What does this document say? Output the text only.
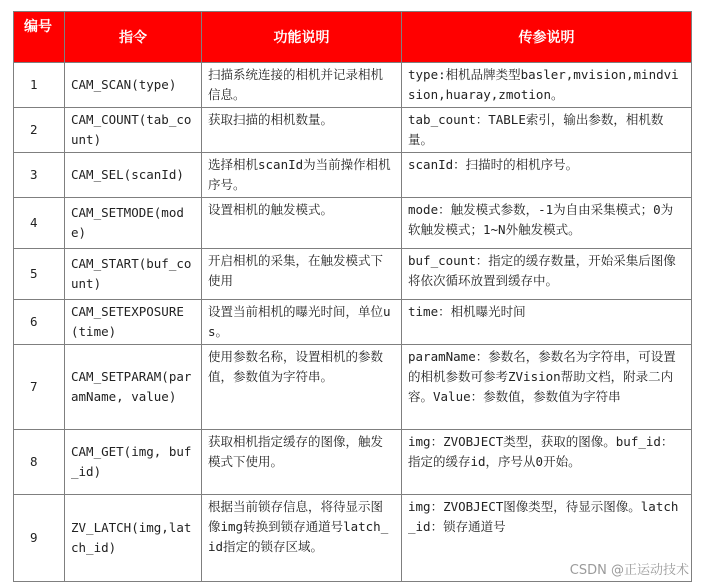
编号	指令	功能说明	传参说明
1	CAM_SCAN(type)	扫描系统连接的相机并记录相机信息。	type:相机品牌类型basler,mvision,mindvision,huaray,zmotion。
2	CAM_COUNT(tab_count)	获取扫描的相机数量。	tab_count：TABLE索引，输出参数，相机数量。
3	CAM_SEL(scanId)	选择相机scanId为当前操作相机序号。	scanId：扫描时的相机序号。
4	CAM_SETMODE(mode)	设置相机的触发模式。	mode：触发模式参数，-1为自由采集模式；0为软触发模式；1~N外触发模式。
5	CAM_START(buf_count)	开启相机的采集，在触发模式下使用	buf_count：指定的缓存数量，开始采集后图像将依次循环放置到缓存中。
6	CAM_SETEXPOSURE(time)	设置当前相机的曝光时间，单位us。	time：相机曝光时间
7	CAM_SETPARAM(paramName, value)	使用参数名称，设置相机的参数值，参数值为字符串。	paramName：参数名，参数名为字符串，可设置的相机参数可参考ZVision帮助文档，附录二内容。Value：参数值，参数值为字符串
8	CAM_GET(img, buf_id)	获取相机指定缓存的图像，触发模式下使用。	img：ZVOBJECT类型，获取的图像。buf_id：指定的缓存id，序号从0开始。
9	ZV_LATCH(img,latch_id)	根据当前锁存信息，将待显示图像img转换到锁存通道号latch_id指定的锁存区域。	img：ZVOBJECT图像类型，待显示图像。latch_id：锁存通道号
CSDN @正运动技术
